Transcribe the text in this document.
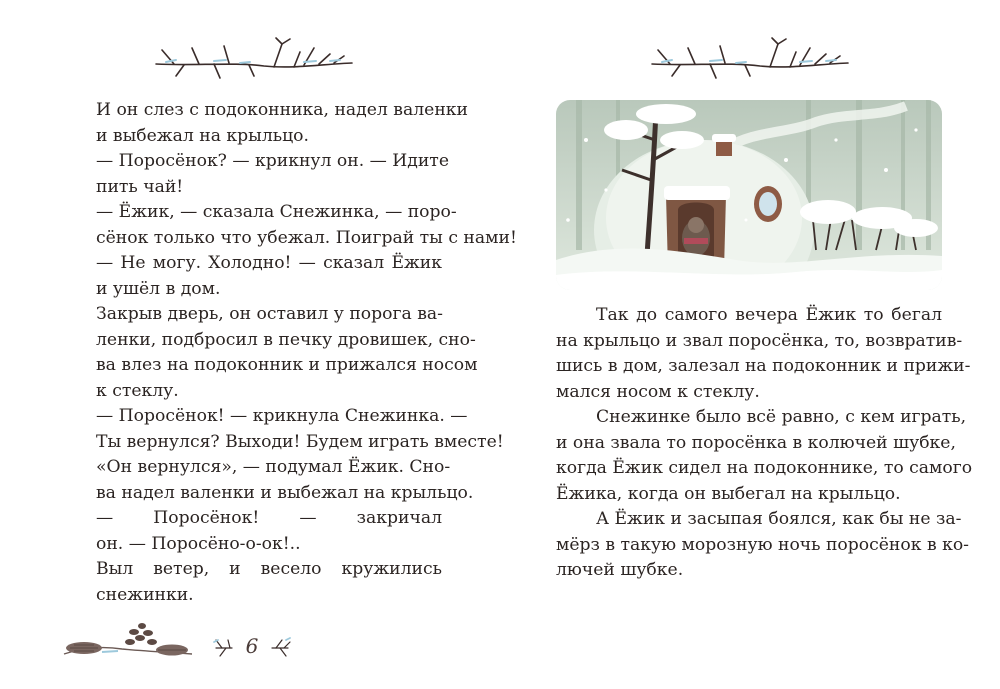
И он слез с подоконника, надел валенки
и выбежал на крыльцо.

— Поросёнок? — крикнул он. — Идите
пить чай!

— Ёжик, — сказала Снежинка, — поро-
сёнок только что убежал. Поиграй ты с нами!

— Не могу. Холодно! — сказал Ёжик
и ушёл в дом.

Закрыв дверь, он оставил у порога ва-
ленки, подбросил в печку дровишек, сно-
ва влез на подоконник и прижался носом
к стеклу.

— Поросёнок! — крикнула Снежинка. —
Ты вернулся? Выходи! Будем играть вместе!

«Он вернулся», — подумал Ёжик. Сно-
ва надел валенки и выбежал на крыльцо.

— Поросёнок! — закричал
он. — Поросёно-о-ок!..

Выл ветер, и весело кружились
снежинки.

6

Так до самого вечера Ёжик то бегал
на крыльцо и звал поросёнка, то, возвратив-
шись в дом, залезал на подоконник и прижи-
мался носом к стеклу.

Снежинке было всё равно, с кем играть,
и она звала то поросёнка в колючей шубке,
когда Ёжик сидел на подоконнике, то самого
Ёжика, когда он выбегал на крыльцо.

А Ёжик и засыпая боялся, как бы не за-
мёрз в такую морозную ночь поросёнок в ко-
лючей шубке.
